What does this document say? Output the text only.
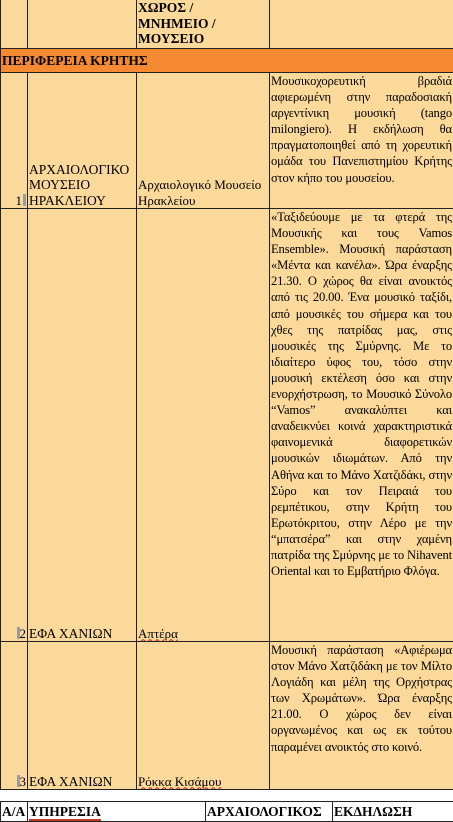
		ΧΩΡΟΣ /
ΜΝΗΜΕΙΟ /
ΜΟΥΣΕΙΟ	

ΠΕΡΙΦΕΡΕΙΑ ΚΡΗΤΗΣ			
1	ΑΡΧΑΙΟΛΟΓΙΚΟ ΜΟΥΣΕΙΟ ΗΡΑΚΛΕΙΟΥ	Αρχαιολογικό Μουσείο Ηρακλείου	Μουσικοχορευτική βραδιά αφιερωμένη στην παραδοσιακή αργεντίνικη μουσική (tango milongiero). Η εκδήλωση θα πραγματοποιηθεί από τη χορευτική ομάδα του Πανεπιστημίου Κρήτης στον κήπο του μουσείου.
2	ΕΦΑ ΧΑΝΙΩΝ	Απτέρα	«Ταξιδεύουμε με τα φτερά της Μουσικής και τους Vamos Ensemble». Μουσική παράσταση «Μέντα και κανέλα». Ώρα έναρξης 21.30. Ο χώρος θα είναι ανοικτός από τις 20.00. Ένα μουσικό ταξίδι, από μουσικές του σήμερα και του χθες της πατρίδας μας, στις μουσικές της Σμύρνης. Με το ιδιαίτερο ύφος του, τόσο στην μουσική εκτέλεση όσο και στην ενορχήστρωση, το Μουσικό Σύνολο “Vamos” ανακαλύπτει και αναδεικνύει κοινά χαρακτηριστικά φαινομενικά διαφορετικών μουσικών ιδιωμάτων. Από την Αθήνα και το Μάνο Χατζιδάκι, στην Σύρο και τον Πειραιά του ρεμπέτικου, στην Κρήτη του Ερωτόκριτου, στην Λέρο με την “μπατσέρα” και στην χαμένη πατρίδα της Σμύρνης με το Nihavent Oriental και το Εμβατήριο Φλόγα.
3	ΕΦΑ ΧΑΝΙΩΝ	Ρόκκα Κισάμου	Μουσική παράσταση «Αφιέρωμα στον Μάνο Χατζιδάκη με τον Μίλτο Λογιάδη και μέλη της Ορχήστρας των Χρωμάτων». Ώρα έναρξης 21.00. Ο χώρος δεν είναι οργανωμένος και ως εκ τούτου παραμένει ανοικτός στο κοινό.
Α/Α	ΥΠΗΡΕΣΙΑ	ΑΡΧΑΙΟΛΟΓΙΚΟΣ	ΕΚΔΗΛΩΣΗ
